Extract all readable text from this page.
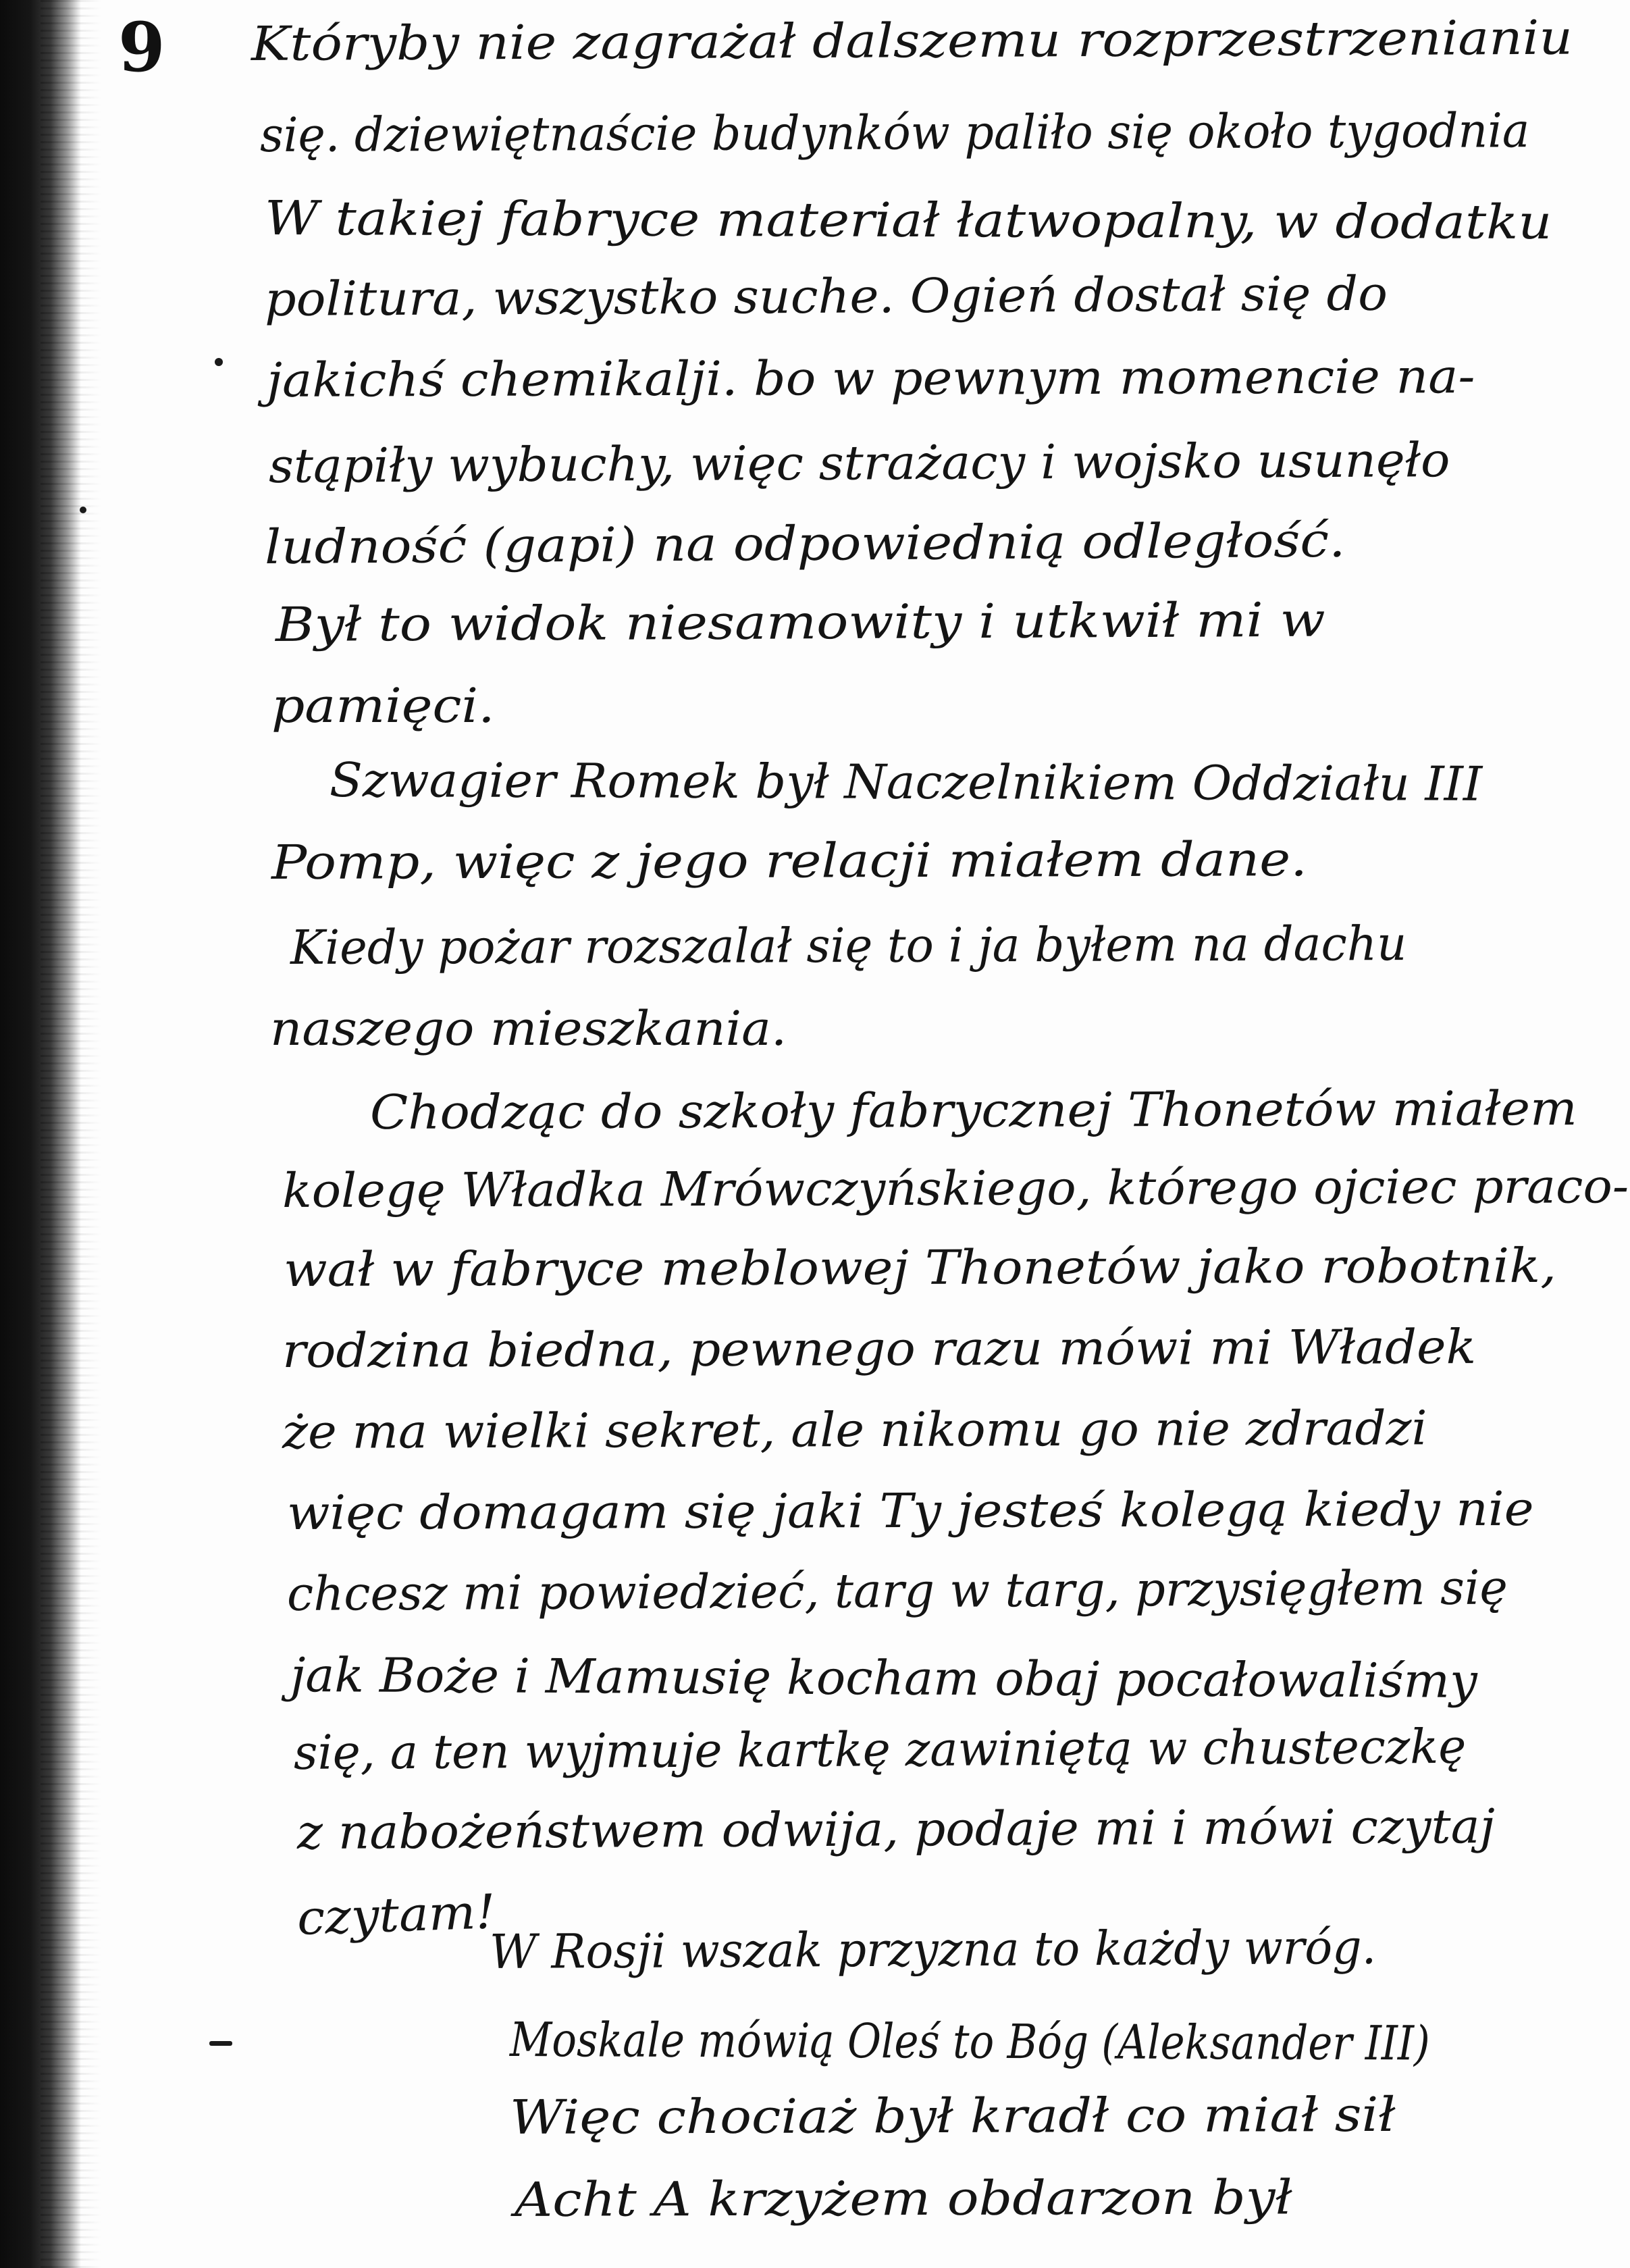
9 Któryby nie zagrażał dalszemu rozprzestrzenianiu
się. dziewiętnaście budynków paliło się około tygodnia
W takiej fabryce materiał łatwopalny, w dodatku
politura, wszystko suche. Ogień dostał się do
jakichś chemikalji. bo w pewnym momencie na-
stąpiły wybuchy, więc strażacy i wojsko usunęło
ludność (gapi) na odpowiednią odległość.
Był to widok niesamowity i utkwił mi w
pamięci.
Szwagier Romek był Naczelnikiem Oddziału III
Pomp, więc z jego relacji miałem dane.
Kiedy pożar rozszalał się to i ja byłem na dachu
naszego mieszkania.
Chodząc do szkoły fabrycznej Thonetów miałem
kolegę Władka Mrówczyńskiego, którego ojciec praco-
wał w fabryce meblowej Thonetów jako robotnik,
rodzina biedna, pewnego razu mówi mi Władek
że ma wielki sekret, ale nikomu go nie zdradzi
więc domagam się jaki Ty jesteś kolegą kiedy nie
chcesz mi powiedzieć, targ w targ, przysięgłem się
jak Boże i Mamusię kocham obaj pocałowaliśmy
się, a ten wyjmuje kartkę zawiniętą w chusteczkę
z nabożeństwem odwija, podaje mi i mówi czytaj
czytam!
W Rosji wszak przyzna to każdy wróg.
Moskale mówią Oleś to Bóg (Aleksander III)
Więc chociaż był kradł co miał sił
Acht A krzyżem obdarzon był
